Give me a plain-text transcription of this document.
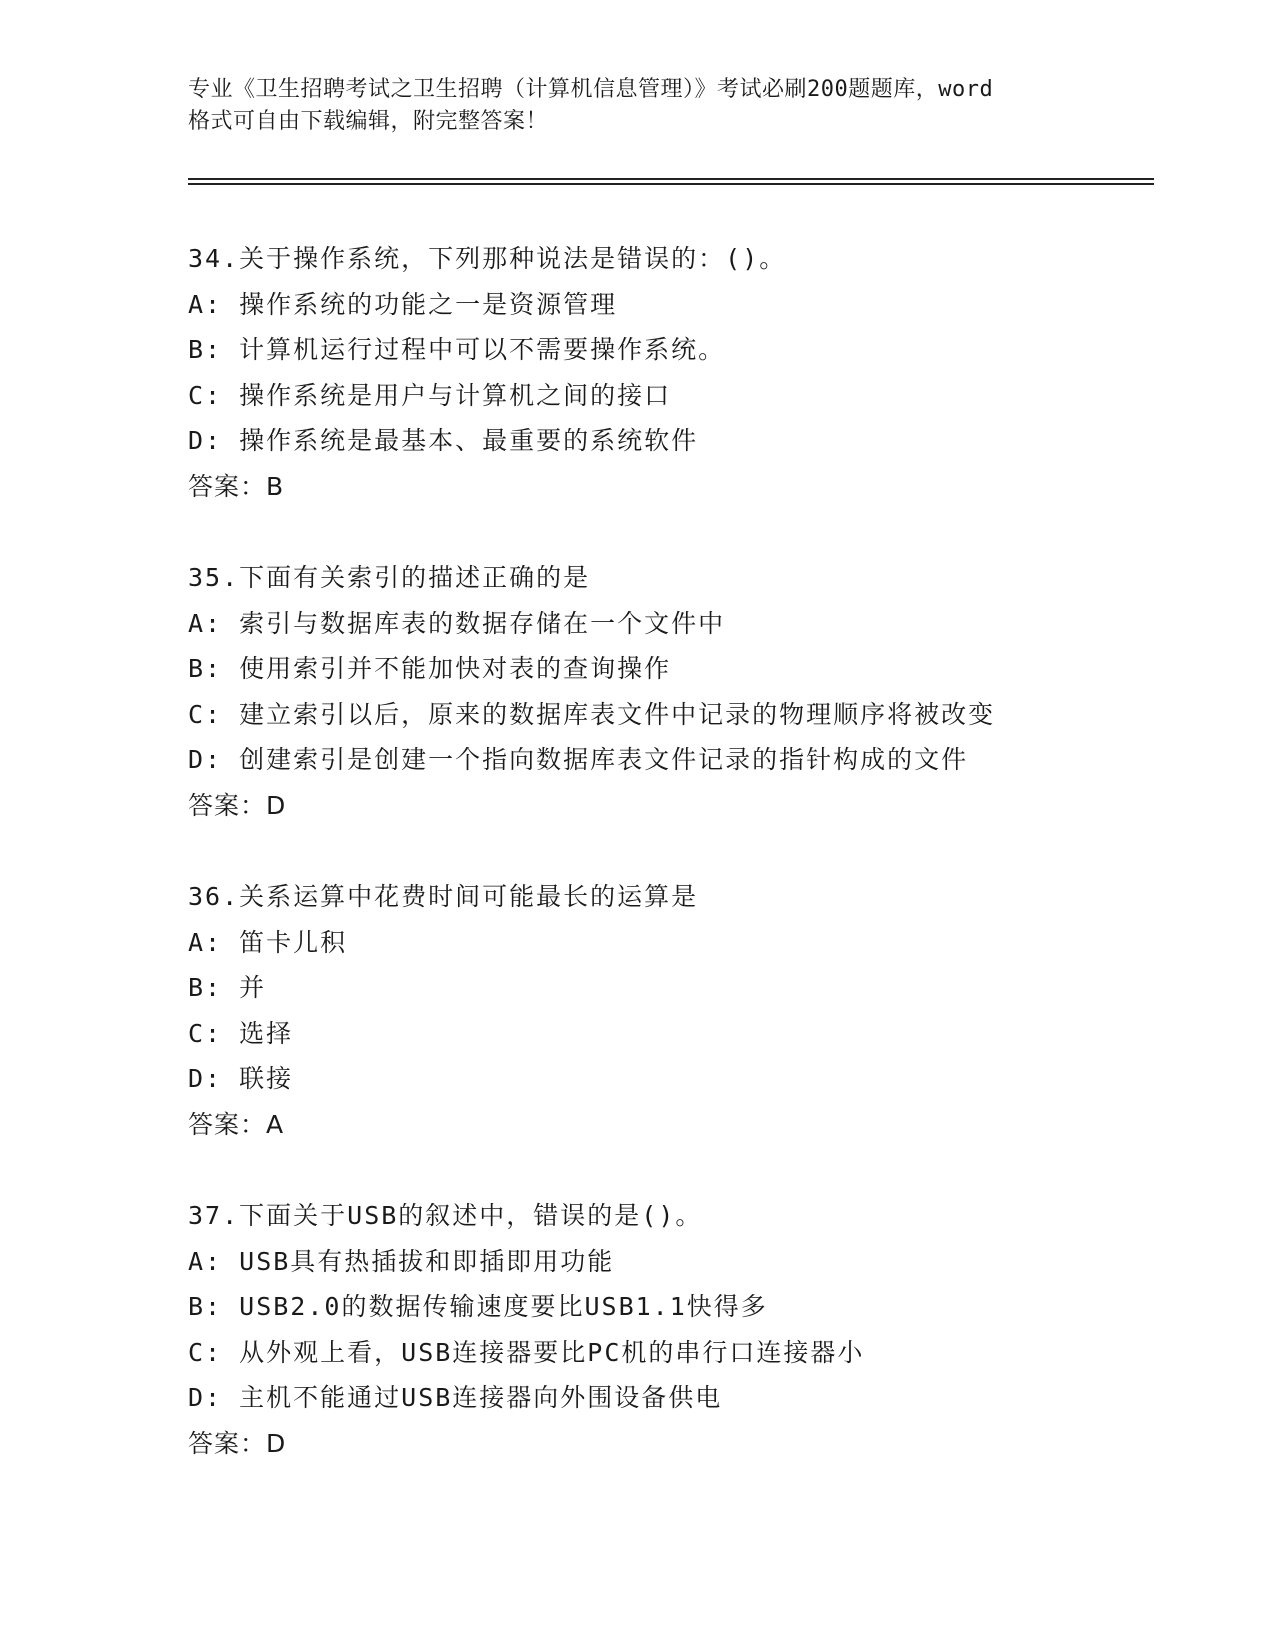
专业《卫生招聘考试之卫生招聘（计算机信息管理）》考试必刷200题题库，word
格式可自由下载编辑，附完整答案！
34.关于操作系统，下列那种说法是错误的：()。
A: 操作系统的功能之一是资源管理
B: 计算机运行过程中可以不需要操作系统。
C: 操作系统是用户与计算机之间的接口
D: 操作系统是最基本、最重要的系统软件
答案：B
35.下面有关索引的描述正确的是
A: 索引与数据库表的数据存储在一个文件中
B: 使用索引并不能加快对表的查询操作
C: 建立索引以后，原来的数据库表文件中记录的物理顺序将被改变
D: 创建索引是创建一个指向数据库表文件记录的指针构成的文件
答案：D
36.关系运算中花费时间可能最长的运算是
A: 笛卡儿积
B: 并
C: 选择
D: 联接
答案：A
37.下面关于USB的叙述中，错误的是()。
A: USB具有热插拔和即插即用功能
B: USB2.0的数据传输速度要比USB1.1快得多
C: 从外观上看，USB连接器要比PC机的串行口连接器小
D: 主机不能通过USB连接器向外围设备供电
答案：D
